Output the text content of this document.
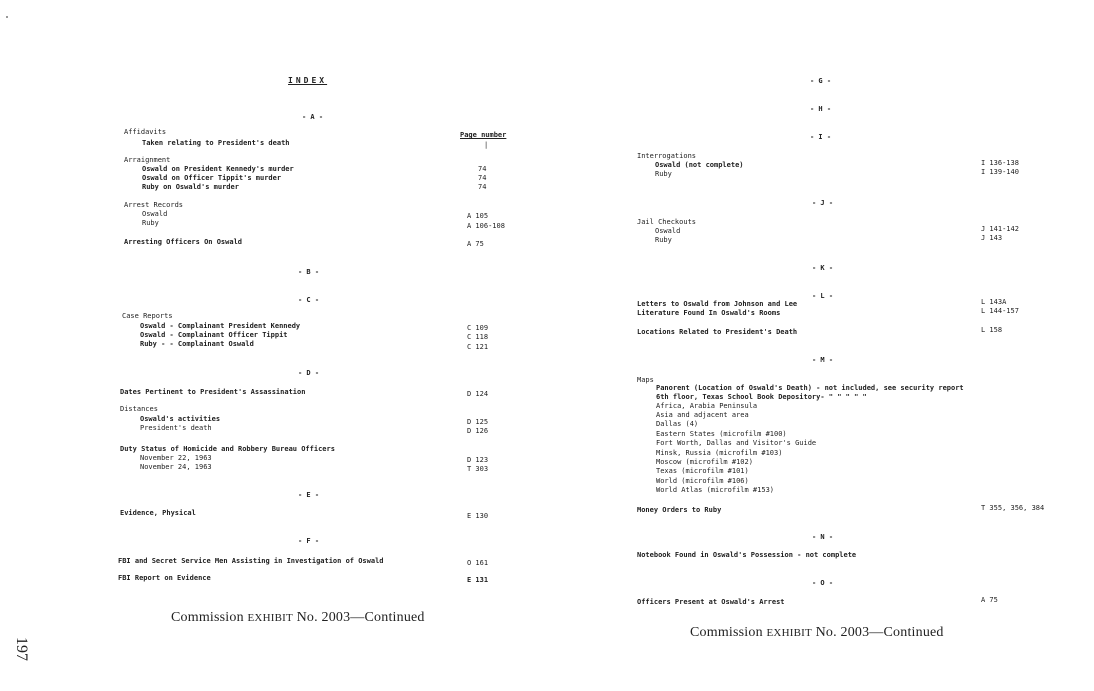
INDEX
- A -
Page number
|
Affidavits
Taken relating to President's death
Arraignment
Oswald on President Kennedy's murder	74
Oswald on Officer Tippit's murder	74
Ruby on Oswald's murder	74
Arrest Records
Oswald	A 105
Ruby	A 106-108
Arresting Officers On Oswald	A 75
- B -
- C -
Case Reports
Oswald - Complainant President Kennedy	C 109
Oswald - Complainant Officer Tippit	C 118
Ruby - - Complainant Oswald	C 121
- D -
Dates Pertinent to President's Assassination	D 124
Distances
Oswald's activities	D 125
President's death	D 126
Duty Status of Homicide and Robbery Bureau Officers
November 22, 1963	D 123
November 24, 1963	T 303
- E -
Evidence, Physical	E 130
- F -
FBI and Secret Service Men Assisting in Investigation of Oswald	O 161
FBI Report on Evidence	E 131
Commission EXHIBIT No. 2003—Continued
197
- G -
- H -
- I -
Interrogations
Oswald (not complete)	I 136-138
Ruby	I 139-140
- J -
Jail Checkouts
Oswald	J 141-142
Ruby	J 143
- K -
- L -
Letters to Oswald from Johnson and Lee	L 143A
Literature Found In Oswald's Rooms	L 144-157
Locations Related to President's Death	L 158
- M -
Maps
Panorent (Location of Oswald's Death) - not included, see security report
6th floor, Texas School Book Depository- " " " " "
Africa, Arabia Peninsula
Asia and adjacent area
Dallas (4)
Eastern States (microfilm #100)
Fort Worth, Dallas and Visitor's Guide
Minsk, Russia (microfilm #103)
Moscow (microfilm #102)
Texas (microfilm #101)
World (microfilm #106)
World Atlas (microfilm #153)
Money Orders to Ruby	T 355, 356, 384
- N -
Notebook Found in Oswald's Possession - not complete
- O -
Officers Present at Oswald's Arrest	A 75
Commission EXHIBIT No. 2003—Continued
